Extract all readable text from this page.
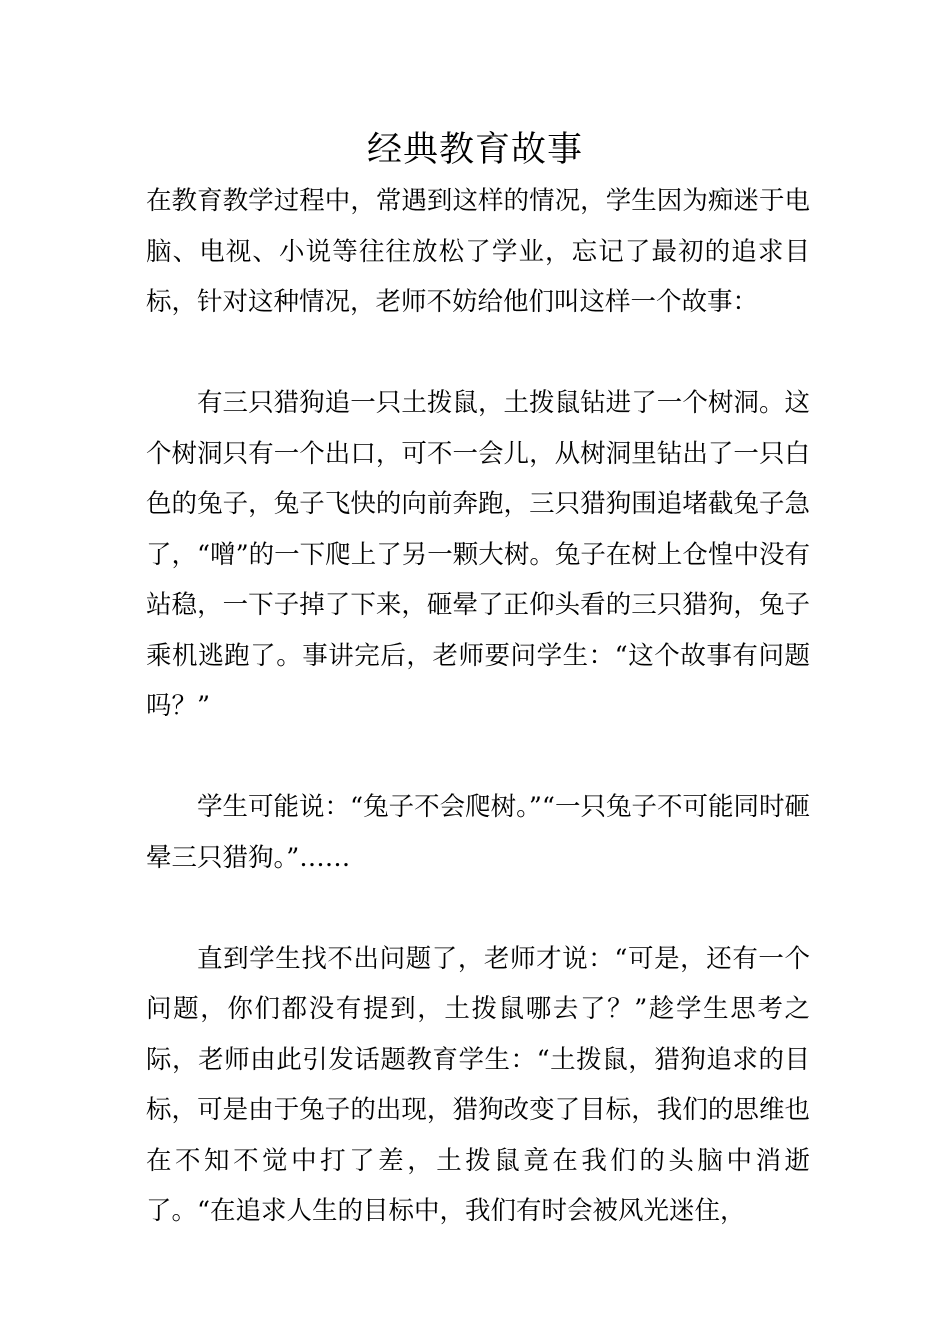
经典教育故事

在教育教学过程中，常遇到这样的情况，学生因为痴迷于电脑、电视、小说等往往放松了学业，忘记了最初的追求目标，针对这种情况，老师不妨给他们叫这样一个故事：

有三只猎狗追一只土拨鼠，土拨鼠钻进了一个树洞。这个树洞只有一个出口，可不一会儿，从树洞里钻出了一只白色的兔子，兔子飞快的向前奔跑，三只猎狗围追堵截兔子急了，“噌”的一下爬上了另一颗大树。兔子在树上仓惶中没有站稳，一下子掉了下来，砸晕了正仰头看的三只猎狗，兔子乘机逃跑了。事讲完后，老师要问学生：“这个故事有问题吗？”

学生可能说：“兔子不会爬树。”“一只兔子不可能同时砸晕三只猎狗。”……

直到学生找不出问题了，老师才说：“可是，还有一个问题，你们都没有提到，土拨鼠哪去了？”趁学生思考之际，老师由此引发话题教育学生：“土拨鼠，猎狗追求的目标，可是由于兔子的出现，猎狗改变了目标，我们的思维也在不知不觉中打了差，土拨鼠竟在我们的头脑中消逝了。“在追求人生的目标中，我们有时会被风光迷住，
